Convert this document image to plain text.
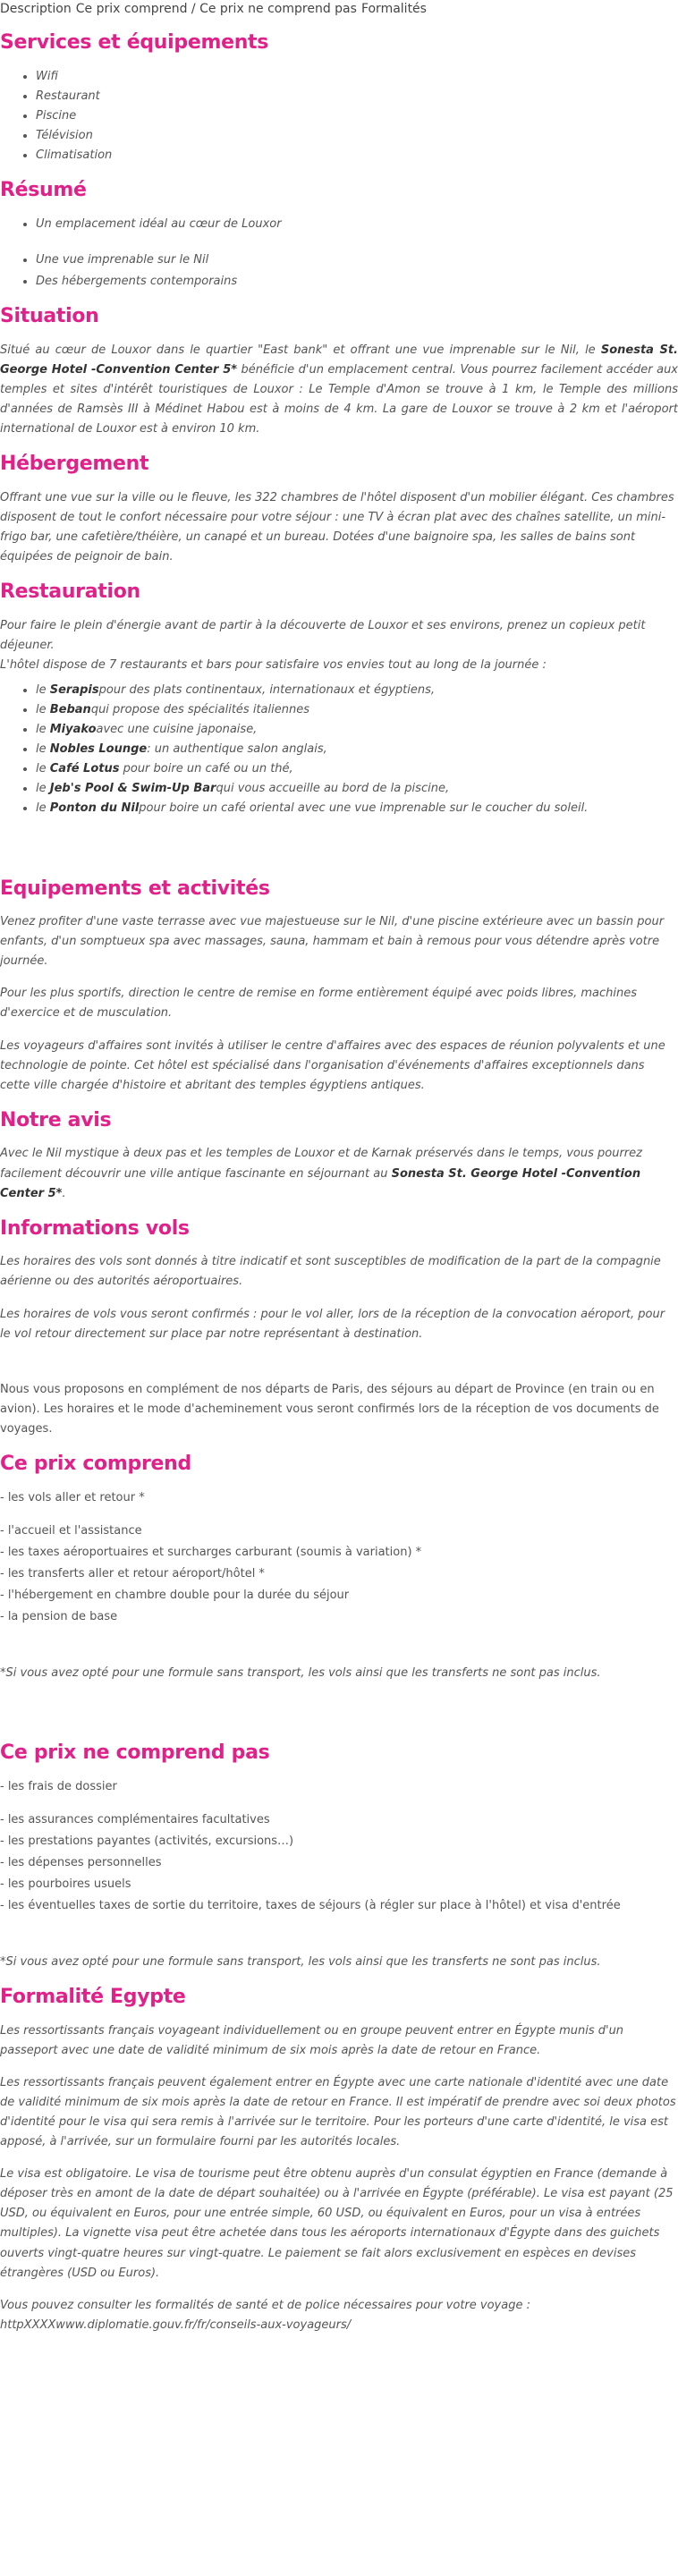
Description Ce prix comprend / Ce prix ne comprend pas Formalités
Services et équipements
• Wifi
• Restaurant
• Piscine
• Télévision
• Climatisation
Résumé
• Un emplacement idéal au cœur de Louxor
• Une vue imprenable sur le Nil
• Des hébergements contemporains
Situation

Situé au cœur de Louxor dans le quartier "East bank" et offrant une vue imprenable sur le Nil, le Sonesta St. George Hotel -Convention Center 5* bénéficie d'un emplacement central. Vous pourrez facilement accéder aux temples et sites d'intérêt touristiques de Louxor : Le Temple d'Amon se trouve à 1 km, le Temple des millions d'années de Ramsès III à Médinet Habou est à moins de 4 km. La gare de Louxor se trouve à 2 km et l'aéroport international de Louxor est à environ 10 km.

Hébergement

Offrant une vue sur la ville ou le fleuve, les 322 chambres de l'hôtel disposent d'un mobilier élégant. Ces chambres disposent de tout le confort nécessaire pour votre séjour : une TV à écran plat avec des chaînes satellite, un mini-frigo bar, une cafetière/théière, un canapé et un bureau. Dotées d'une baignoire spa, les salles de bains sont équipées de peignoir de bain.

Restauration

Pour faire le plein d'énergie avant de partir à la découverte de Louxor et ses environs, prenez un copieux petit déjeuner.
L'hôtel dispose de 7 restaurants et bars pour satisfaire vos envies tout au long de la journée :

• le Serapispour des plats continentaux, internationaux et égyptiens,
• le Bebanqui propose des spécialités italiennes
• le Miyakoavec une cuisine japonaise,
• le Nobles Lounge: un authentique salon anglais,
• le Café Lotus pour boire un café ou un thé,
• le Jeb's Pool & Swim-Up Barqui vous accueille au bord de la piscine,
• le Ponton du Nilpour boire un café oriental avec une vue imprenable sur le coucher du soleil.
Equipements et activités

Venez profiter d'une vaste terrasse avec vue majestueuse sur le Nil, d'une piscine extérieure avec un bassin pour enfants, d'un somptueux spa avec massages, sauna, hammam et bain à remous pour vous détendre après votre journée.

Pour les plus sportifs, direction le centre de remise en forme entièrement équipé avec poids libres, machines d'exercice et de musculation.

Les voyageurs d'affaires sont invités à utiliser le centre d'affaires avec des espaces de réunion polyvalents et une technologie de pointe. Cet hôtel est spécialisé dans l'organisation d'événements d'affaires exceptionnels dans cette ville chargée d'histoire et abritant des temples égyptiens antiques.

Notre avis

Avec le Nil mystique à deux pas et les temples de Louxor et de Karnak préservés dans le temps, vous pourrez facilement découvrir une ville antique fascinante en séjournant au Sonesta St. George Hotel -Convention Center 5*.

Informations vols

Les horaires des vols sont donnés à titre indicatif et sont susceptibles de modification de la part de la compagnie aérienne ou des autorités aéroportuaires.

Les horaires de vols vous seront confirmés : pour le vol aller, lors de la réception de la convocation aéroport, pour le vol retour directement sur place par notre représentant à destination.

Nous vous proposons en complément de nos départs de Paris, des séjours au départ de Province (en train ou en avion). Les horaires et le mode d'acheminement vous seront confirmés lors de la réception de vos documents de voyages.

Ce prix comprend

- les vols aller et retour *

- l'accueil et l'assistance
- les taxes aéroportuaires et surcharges carburant (soumis à variation) *
- les transferts aller et retour aéroport/hôtel *
- l'hébergement en chambre double pour la durée du séjour
- la pension de base

*Si vous avez opté pour une formule sans transport, les vols ainsi que les transferts ne sont pas inclus.

Ce prix ne comprend pas

- les frais de dossier

- les assurances complémentaires facultatives
- les prestations payantes (activités, excursions…)
- les dépenses personnelles
- les pourboires usuels
- les éventuelles taxes de sortie du territoire, taxes de séjours (à régler sur place à l'hôtel) et visa d'entrée

*Si vous avez opté pour une formule sans transport, les vols ainsi que les transferts ne sont pas inclus.

Formalité Egypte

Les ressortissants français voyageant individuellement ou en groupe peuvent entrer en Égypte munis d'un passeport avec une date de validité minimum de six mois après la date de retour en France.

Les ressortissants français peuvent également entrer en Égypte avec une carte nationale d'identité avec une date de validité minimum de six mois après la date de retour en France. Il est impératif de prendre avec soi deux photos d'identité pour le visa qui sera remis à l'arrivée sur le territoire. Pour les porteurs d'une carte d'identité, le visa est apposé, à l'arrivée, sur un formulaire fourni par les autorités locales.

Le visa est obligatoire. Le visa de tourisme peut être obtenu auprès d'un consulat égyptien en France (demande à déposer très en amont de la date de départ souhaitée) ou à l'arrivée en Égypte (préférable). Le visa est payant (25 USD, ou équivalent en Euros, pour une entrée simple, 60 USD, ou équivalent en Euros, pour un visa à entrées multiples). La vignette visa peut être achetée dans tous les aéroports internationaux d'Égypte dans des guichets ouverts vingt-quatre heures sur vingt-quatre. Le paiement se fait alors exclusivement en espèces en devises étrangères (USD ou Euros).

Vous pouvez consulter les formalités de santé et de police nécessaires pour votre voyage :
httpXXXXwww.diplomatie.gouv.fr/fr/conseils-aux-voyageurs/
